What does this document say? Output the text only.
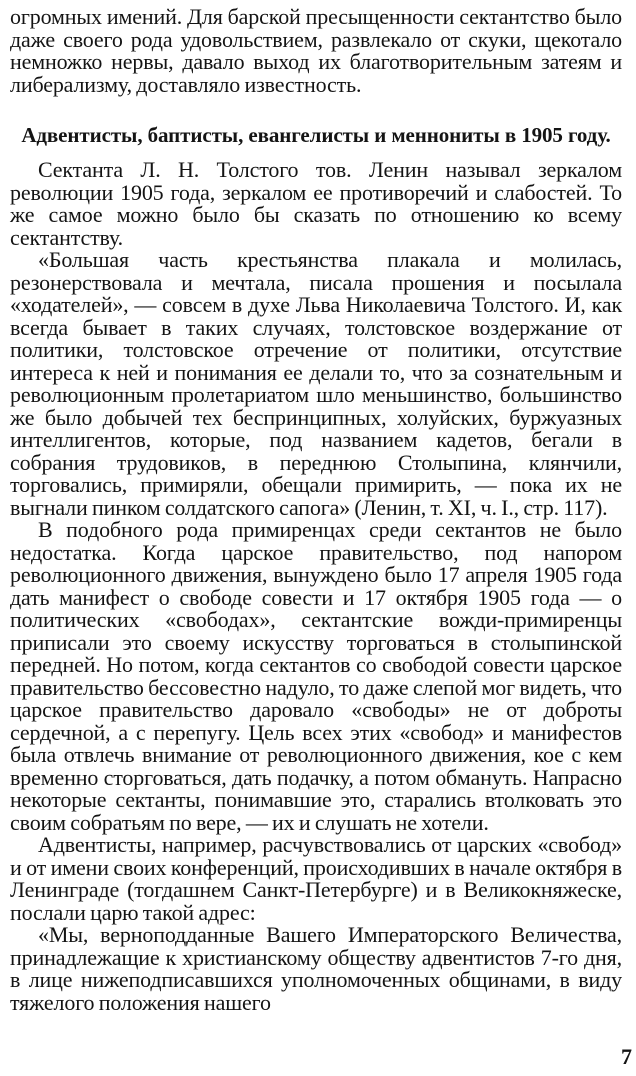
огромных имений. Для барской пресыщенности сектантство было даже своего рода удовольствием, развлекало от скуки, щекотало немножко нервы, давало выход их благотворительным затеям и либерализму, доставляло известность.

Адвентисты, баптисты, евангелисты и меннониты в 1905 году.

Сектанта Л. Н. Толстого тов. Ленин называл зеркалом революции 1905 года, зеркалом ее противоречий и слабостей. То же самое можно было бы сказать по отношению ко всему сектантству.

«Большая часть крестьянства плакала и молилась, резонерствовала и мечтала, писала прошения и посылала «ходателей», — совсем в духе Льва Николаевича Толстого. И, как всегда бывает в таких случаях, толстовское воздержание от политики, толстовское отречение от политики, отсутствие интереса к ней и понимания ее делали то, что за сознательным и революционным пролетариатом шло меньшинство, большинство же было добычей тех беспринципных, холуйских, буржуазных интеллигентов, которые, под названием кадетов, бегали в собрания трудовиков, в переднюю Столыпина, клянчили, торговались, примиряли, обещали примирить, — пока их не выгнали пинком солдатского сапога» (Ленин, т. XI, ч. I., стр. 117).

В подобного рода примиренцах среди сектантов не было недостатка. Когда царское правительство, под напором революционного движения, вынуждено было 17 апреля 1905 года дать манифест о свободе совести и 17 октября 1905 года — о политических «свободах», сектантские вожди-примиренцы приписали это своему искусству торговаться в столыпинской передней. Но потом, когда сектантов со свободой совести царское правительство бессовестно надуло, то даже слепой мог видеть, что царское правительство даровало «свободы» не от доброты сердечной, а с перепугу. Цель всех этих «свобод» и манифестов была отвлечь внимание от революционного движения, кое с кем временно сторговаться, дать подачку, а потом обмануть. Напрасно некоторые сектанты, понимавшие это, старались втолковать это своим собратьям по вере, — их и слушать не хотели.

Адвентисты, например, расчувствовались от царских «свобод» и от имени своих конференций, происходивших в начале октября в Ленинграде (тогдашнем Санкт-Петербурге) и в Великокняжеске, послали царю такой адрес:

«Мы, верноподданные Вашего Императорского Величества, принадлежащие к христианскому обществу адвентистов 7-го дня, в лице нижеподписавшихся уполномоченных общинами, в виду тяжелого положения нашего

7
